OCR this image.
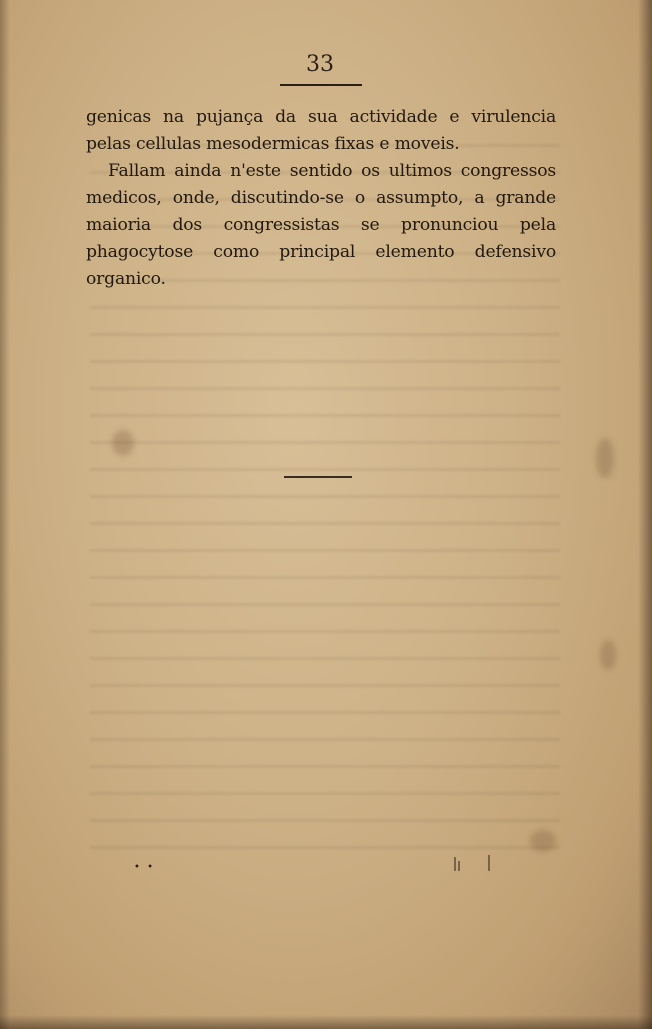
33

genicas na pujança da sua actividade e virulencia pelas cellulas mesodermicas fixas e moveis.

Fallam ainda n'este sentido os ultimos congressos medicos, onde, discutindo-se o assumpto, a grande maioria dos congressistas se pronunciou pela phagocytose como principal elemento defensivo organico.

• •
